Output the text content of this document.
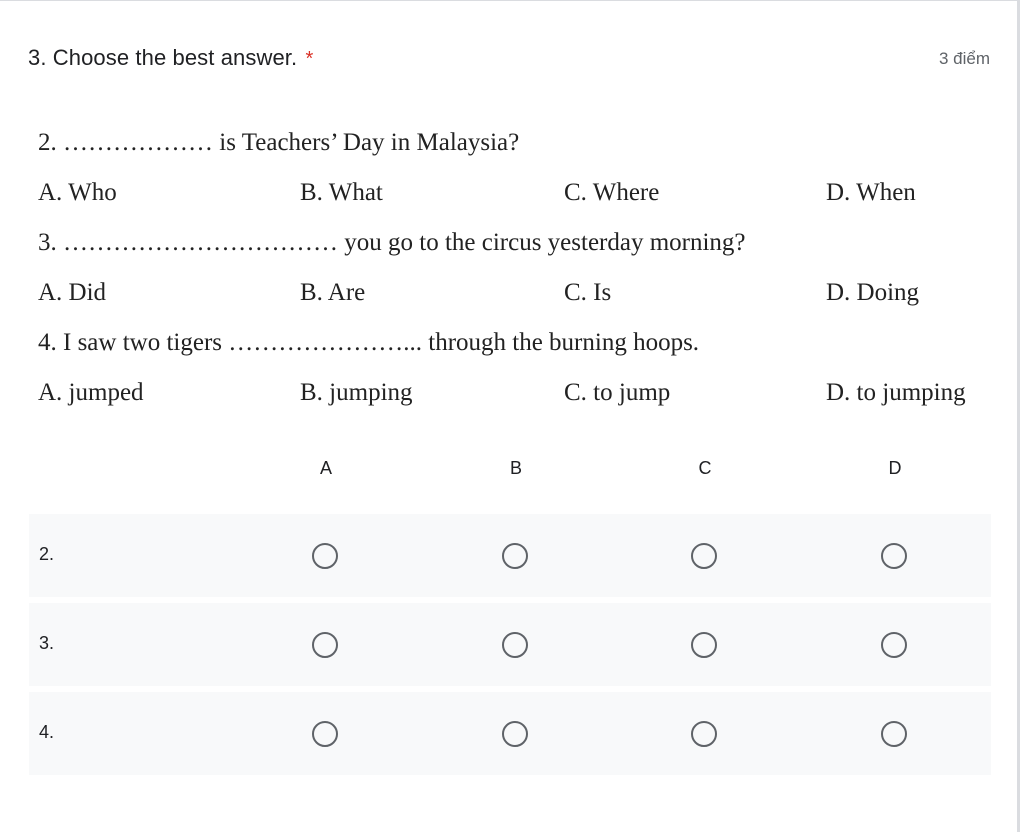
3. Choose the best answer. *	3 điểm
2. ……………… is Teachers’ Day in Malaysia?
A. Who	B. What	C. Where	D. When
3. …………………………… you go to the circus yesterday morning?
A. Did	B. Are	C. Is	D. Doing
4. I saw two tigers …………………... through the burning hoops.
A. jumped	B. jumping	C. to jump	D. to jumping
A	B	C	D
2.
3.
4.
